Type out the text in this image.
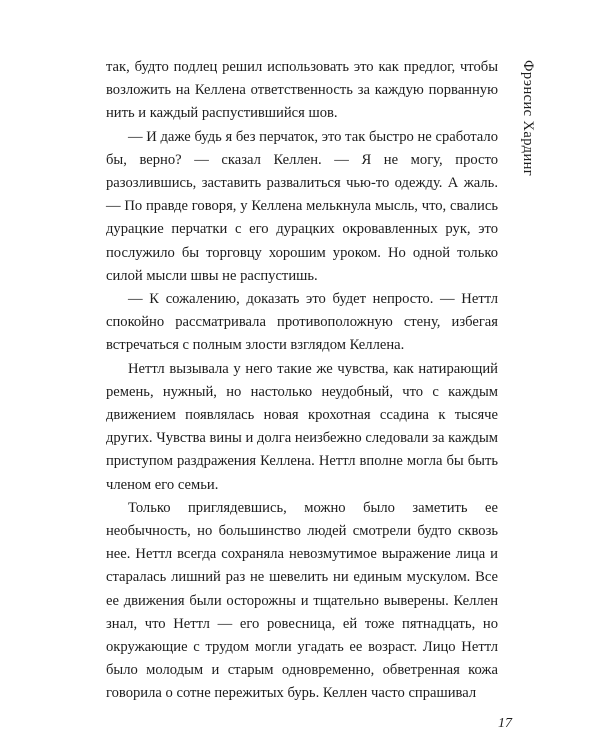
так, будто подлец решил использовать это как предлог, чтобы возложить на Келлена ответственность за каждую порванную нить и каждый распустившийся шов.

— И даже будь я без перчаток, это так быстро не сработало бы, верно? — сказал Келлен. — Я не могу, просто разозлившись, заставить развалиться чью-то одежду. А жаль. — По правде говоря, у Келлена мелькнула мысль, что, свались дурацкие перчатки с его дурацких окровавленных рук, это послужило бы торговцу хорошим уроком. Но одной только силой мысли швы не распустишь.

— К сожалению, доказать это будет непросто. — Неттл спокойно рассматривала противоположную стену, избегая встречаться с полным злости взглядом Келлена.

Неттл вызывала у него такие же чувства, как натирающий ремень, нужный, но настолько неудобный, что с каждым движением появлялась новая крохотная ссадина к тысяче других. Чувства вины и долга неизбежно следовали за каждым приступом раздражения Келлена. Неттл вполне могла бы быть членом его семьи.

Только приглядевшись, можно было заметить ее необычность, но большинство людей смотрели будто сквозь нее. Неттл всегда сохраняла невозмутимое выражение лица и старалась лишний раз не шевелить ни единым мускулом. Все ее движения были осторожны и тщательно выверены. Келлен знал, что Неттл — его ровесница, ей тоже пятнадцать, но окружающие с трудом могли угадать ее возраст. Лицо Неттл было молодым и старым одновременно, обветренная кожа говорила о сотне пережитых бурь. Келлен часто спрашивал

Фрэнсис Хардинг
17
